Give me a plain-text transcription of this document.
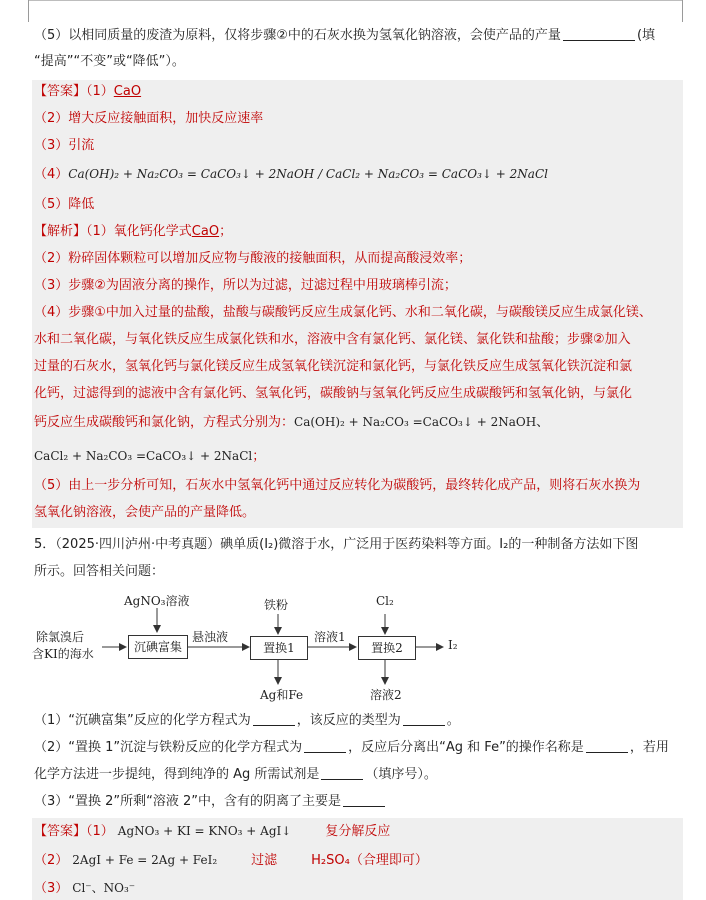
（5）以相同质量的废渣为原料，仅将步骤②中的石灰水换为氢氧化钠溶液，会使产品的产量	(填
“提高”“不变”或“降低”）。
【答案】（1）CaO
（2）增大反应接触面积，加快反应速率
（3）引流
（4）Ca(OH)₂ + Na₂CO₃ = CaCO₃↓ + 2NaOH / CaCl₂ + Na₂CO₃ = CaCO₃↓ + 2NaCl
（5）降低
【解析】（1）氧化钙化学式CaO；
（2）粉碎固体颗粒可以增加反应物与酸液的接触面积，从而提高酸浸效率；
（3）步骤②为固液分离的操作，所以为过滤，过滤过程中用玻璃棒引流；
（4）步骤①中加入过量的盐酸，盐酸与碳酸钙反应生成氯化钙、水和二氧化碳，与碳酸镁反应生成氯化镁、
水和二氧化碳，与氧化铁反应生成氯化铁和水，溶液中含有氯化钙、氯化镁、氯化铁和盐酸；步骤②加入
过量的石灰水，氢氧化钙与氯化镁反应生成氢氧化镁沉淀和氯化钙，与氯化铁反应生成氢氧化铁沉淀和氯
化钙，过滤得到的滤液中含有氯化钙、氢氧化钙，碳酸钠与氢氧化钙反应生成碳酸钙和氢氧化钠，与氯化
钙反应生成碳酸钙和氯化钠，方程式分别为：Ca(OH)₂ + Na₂CO₃ =CaCO₃↓ + 2NaOH、
CaCl₂ + Na₂CO₃ =CaCO₃↓ + 2NaCl；
（5）由上一步分析可知，石灰水中氢氧化钙中通过反应转化为碳酸钙，最终转化成产品，则将石灰水换为
氢氧化钠溶液，会使产品的产量降低。
5．（2025·四川泸州·中考真题）碘单质(I₂)微溶于水，广泛用于医药染料等方面。I₂的一种制备方法如下图
所示。回答相关问题：
AgNO₃溶液	铁粉	Cl₂
除氯溴后
含KI的海水	沉碘富集
悬浊液
置换1
溶液1
置换2	I₂
Ag和Fe	溶液2
（1）“沉碘富集”反应的化学方程式为	，该反应的类型为	。
（2）“置换 1”沉淀与铁粉反应的化学方程式为	，反应后分离出“Ag 和 Fe”的操作名称是	，若用
化学方法进一步提纯，得到纯净的 Ag 所需试剂是	（填序号）。
（3）“置换 2”所剩“溶液 2”中，含有的阴离了主要是
【答案】（1） AgNO₃ + KI = KNO₃ + AgI↓	复分解反应
（2） 2AgI + Fe = 2Ag + FeI₂	过滤	H₂SO₄（合理即可）
（3） Cl⁻、NO₃⁻
